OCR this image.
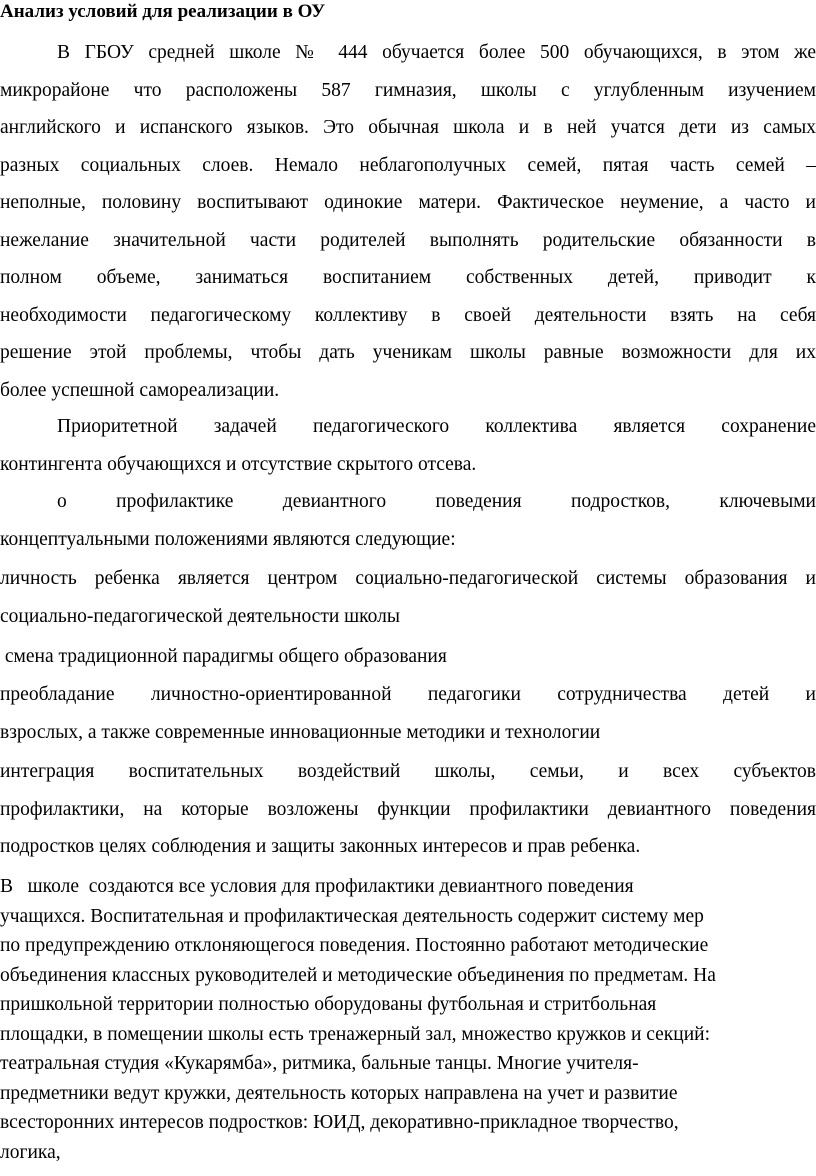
Анализ условий для реализации в ОУ
В ГБОУ средней школе № 444 обучается более 500 обучающихся, в этом же
микрорайоне что расположены 587 гимназия, школы с углубленным изучением
английского и испанского языков. Это обычная школа и в ней учатся дети из самых
разных социальных слоев. Немало неблагополучных семей, пятая часть семей –
неполные, половину воспитывают одинокие матери. Фактическое неумение, а часто и
нежелание значительной части родителей выполнять родительские обязанности в
полном объеме, заниматься воспитанием собственных детей, приводит к
необходимости педагогическому коллективу в своей деятельности взять на себя
решение этой проблемы, чтобы дать ученикам школы равные возможности для их
более успешной самореализации.
Приоритетной задачей педагогического коллектива является сохранение
контингента обучающихся и отсутствие скрытого отсева.
о профилактике девиантного поведения подростков, ключевыми
концептуальными положениями являются следующие:
личность ребенка является центром социально-педагогической системы образования и
социально-педагогической деятельности школы
смена традиционной парадигмы общего образования
преобладание личностно-ориентированной педагогики сотрудничества детей и
взрослых, а также современные инновационные методики и технологии
интеграция воспитательных воздействий школы, семьи, и всех субъектов
профилактики, на которые возложены функции профилактики девиантного поведения
подростков целях соблюдения и защиты законных интересов и прав ребенка.
В   школе  создаются все условия для профилактики девиантного поведения
учащихся. Воспитательная и профилактическая деятельность содержит систему мер
по предупреждению отклоняющегося поведения. Постоянно работают методические
объединения классных руководителей и методические объединения по предметам. На
пришкольной территории полностью оборудованы футбольная и стритбольная
площадки, в помещении школы есть тренажерный зал, множество кружков и секций:
театральная студия «Кукарямба», ритмика, бальные танцы. Многие учителя-
предметники ведут кружки, деятельность которых направлена на учет и развитие
всесторонних интересов подростков: ЮИД, декоративно-прикладное творчество,
логика,
